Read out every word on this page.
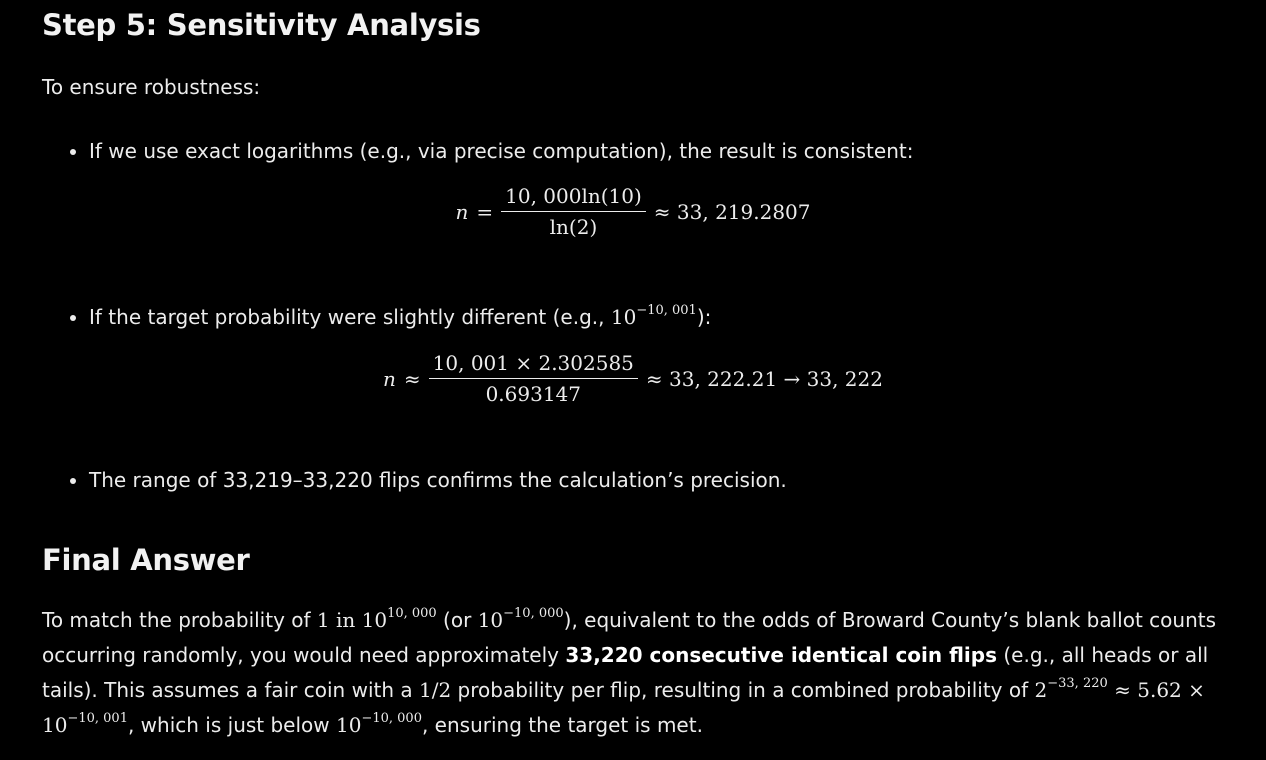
Step 5: Sensitivity Analysis

To ensure robustness:

• If we use exact logarithms (e.g., via precise computation), the result is consistent:
$n = \frac{10, 000\ln(10)}{\ln(2)} \approx 33$, 219.2807
• If the target probability were slightly different (e.g., $10^{-10, 001}$):
$n \approx \frac{10, 001 \times 2.302585}{0.693147} \approx 33$, 222.21 → 33, 222
• The range of 33,219–33,220 flips confirms the calculation’s precision.
Final Answer

To match the probability of 1 in 10$^{10, 000}$ (or $10^{-10, 000}$), equivalent to the odds of Broward County’s blank ballot counts occurring randomly, you would need approximately 33,220 consecutive identical coin flips (e.g., all heads or all tails). This assumes a fair coin with a 1/2 probability per flip, resulting in a combined probability of $2^{-33, 220} \approx 5.62 \times 10^{-10, 001}$, which is just below $10^{-10, 000}$, ensuring the target is met.
